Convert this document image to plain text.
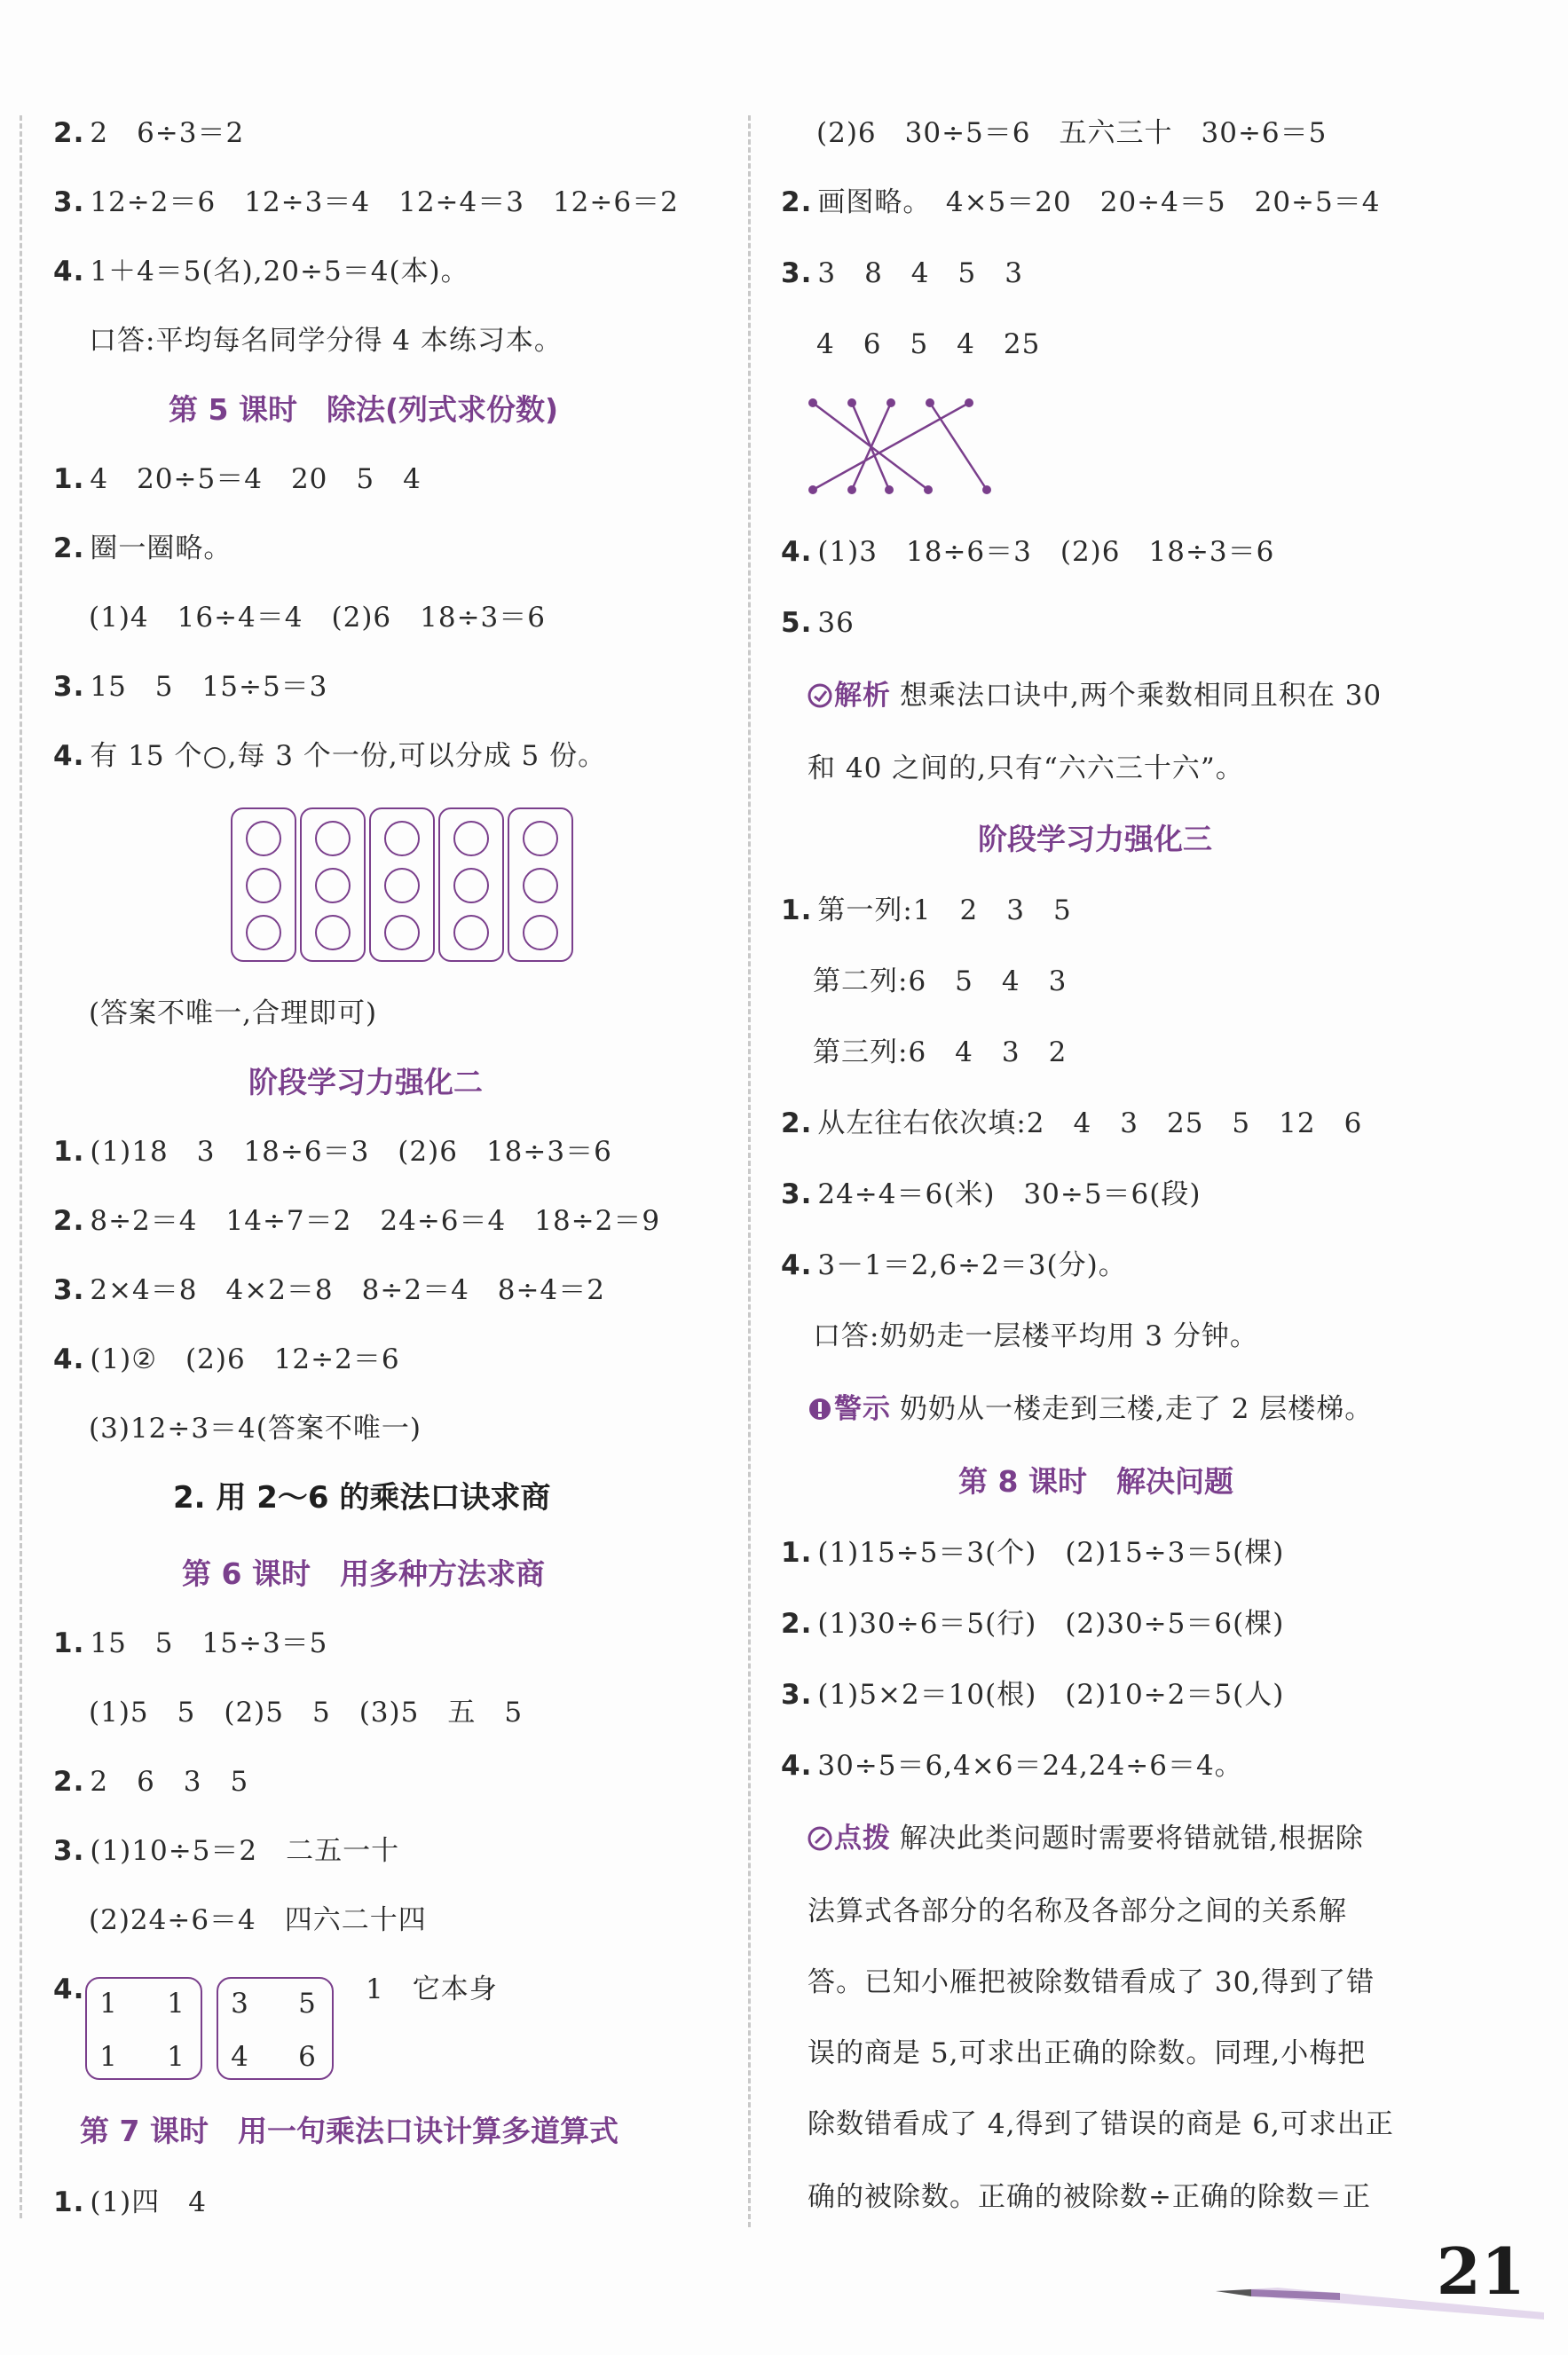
2. 2　6÷3＝2
3. 12÷2＝6　12÷3＝4　12÷4＝3　12÷6＝2
4. 1＋4＝5(名),20÷5＝4(本)。
口答:平均每名同学分得 4 本练习本。
第 5 课时　除法(列式求份数)
1. 4　20÷5＝4　20　5　4
2. 圈一圈略。
(1)4　16÷4＝4　(2)6　18÷3＝6
3. 15　5　15÷5＝3
4. 有 15 个○,每 3 个一份,可以分成 5 份。
(答案不唯一,合理即可)
阶段学习力强化二
1. (1)18　3　18÷6＝3　(2)6　18÷3＝6
2. 8÷2＝4　14÷7＝2　24÷6＝4　18÷2＝9
3. 2×4＝8　4×2＝8　8÷2＝4　8÷4＝2
4. (1)②　(2)6　12÷2＝6
(3)12÷3＝4(答案不唯一)
2. 用 2～6 的乘法口诀求商
第 6 课时　用多种方法求商
1. 15　5　15÷3＝5
(1)5　5　(2)5　5　(3)5　五　5
2. 2　6　3　5
3. (1)10÷5＝2　二五一十
(2)24÷6＝4　四六二十四
4. 1	1
1	1
3	5
4	6
1　它本身
第 7 课时　用一句乘法口诀计算多道算式
1. (1)四　4
(2)6　30÷5＝6　五六三十　30÷6＝5
2. 画图略。　4×5＝20　20÷4＝5　20÷5＝4
3. 3　8　4　5　3
4　6　5　4　25
4. (1)3　18÷6＝3　(2)6　18÷3＝6
5. 36
解析 想乘法口诀中,两个乘数相同且积在 30
和 40 之间的,只有“六六三十六”。
阶段学习力强化三
1. 第一列:1　2　3　5
第二列:6　5　4　3
第三列:6　4　3　2
2. 从左往右依次填:2　4　3　25　5　12　6
3. 24÷4＝6(米)　30÷5＝6(段)
4. 3－1＝2,6÷2＝3(分)。
口答:奶奶走一层楼平均用 3 分钟。
警示 奶奶从一楼走到三楼,走了 2 层楼梯。
第 8 课时　解决问题
1. (1)15÷5＝3(个)　(2)15÷3＝5(棵)
2. (1)30÷6＝5(行)　(2)30÷5＝6(棵)
3. (1)5×2＝10(根)　(2)10÷2＝5(人)
4. 30÷5＝6,4×6＝24,24÷6＝4。
点拨 解决此类问题时需要将错就错,根据除
法算式各部分的名称及各部分之间的关系解
答。已知小雁把被除数错看成了 30,得到了错
误的商是 5,可求出正确的除数。同理,小梅把
除数错看成了 4,得到了错误的商是 6,可求出正
确的被除数。正确的被除数÷正确的除数＝正
21
